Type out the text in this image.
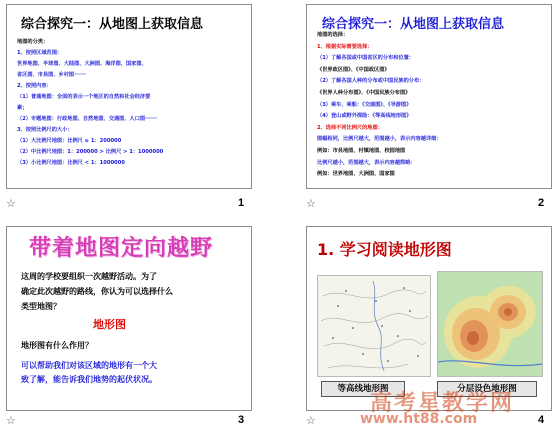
综合探究一：从地图上获取信息
地图的分类：
1、按照区域范围：
世界地图、半球图、大陆图、大洲图、海洋图、国家图、
省区图、市县图、乡村图······
2、按照内容：
（1）普通地图：全面的表示一个地区的自然和社会经济要
素；
（2）专题地图：行政地图、自然地图、交通图、人口图······
3、按照比例尺的大小：
（1）大比例尺地图：比例尺 ≥ 1：200000
（2）中比例尺地图：1：200000 > 比例尺 > 1：1000000
（3）小比例尺地图：比例尺 < 1：1000000
1
☆
综合探究一：从地图上获取信息
地图的选择：
1、根据实际需要选择：
（1）了解各国或中国省区的分布和位置：
《世界政区图》、《中国政区图》
（2）了解各国人种的分布或中国民族的分布：
《世界人种分布图》、《中国民族分布图》
（3）乘车、乘船：《交通图》、《导游图》
（4）登山或野外探险：《等高线地形图》
2、选择不同比例尺的地图：
图幅相同，比例尺越大，范围越小，表示内容越详细：
例如：市县地图、村镇地图、校园地图
比例尺越小，范围越大，表示内容越简略：
例如：世界地图、大洲图、国家图
2
☆
带着地图定向越野
这周的学校要组织一次越野活动。为了
确定此次越野的路线，你认为可以选择什么
类型地图？
地形图
地形图有什么作用？
可以帮助我们对该区域的地形有一个大
致了解，能告诉我们地势的起伏状况。
3
☆
1. 学习阅读地形图
等高线地形图	分层设色地形图
4
☆
高考星教学网
www.ht88.com
